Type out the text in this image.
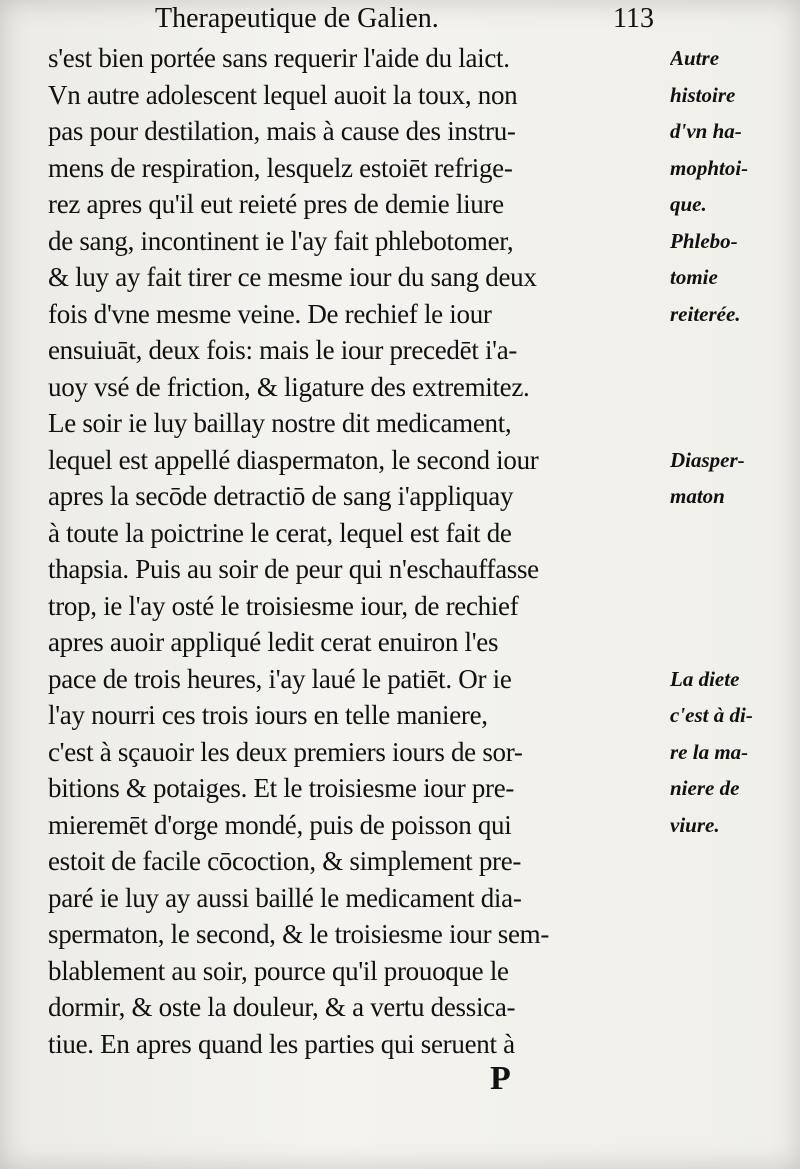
Therapeutique de Galien.	113
s'est bien portée sans requerir l'aide du laict.
Vn autre adolescent lequel auoit la toux, non
pas pour destilation, mais à cause des instru-
mens de respiration, lesquelz estoiēt refrige-
rez apres qu'il eut reieté pres de demie liure
de sang, incontinent ie l'ay fait phlebotomer,
& luy ay fait tirer ce mesme iour du sang deux
fois d'vne mesme veine. De rechief le iour
ensuiuāt, deux fois: mais le iour precedēt i'a-
uoy vsé de friction, & ligature des extremitez.
Le soir ie luy baillay nostre dit medicament,
lequel est appellé diaspermaton, le second iour
apres la secōde detractiō de sang i'appliquay
à toute la poictrine le cerat, lequel est fait de
thapsia. Puis au soir de peur qui n'eschauffasse
trop, ie l'ay osté le troisiesme iour, de rechief
apres auoir appliqué ledit cerat enuiron l'es
pace de trois heures, i'ay laué le patiēt. Or ie
l'ay nourri ces trois iours en telle maniere,
c'est à sçauoir les deux premiers iours de sor-
bitions & potaiges. Et le troisiesme iour pre-
mieremēt d'orge mondé, puis de poisson qui
estoit de facile cōcoction, & simplement pre-
paré ie luy ay aussi baillé le medicament dia-
spermaton, le second, & le troisiesme iour sem-
blablement au soir, pource qu'il prouoque le
dormir, & oste la douleur, & a vertu dessica-
tiue. En apres quand les parties qui seruent à
Autre
histoire
d'vn ha-
mophtoi-
que.
Phlebo-
tomie
reiterée.
Diasper-
maton
La diete
c'est à di-
re la ma-
niere de
viure.
P
